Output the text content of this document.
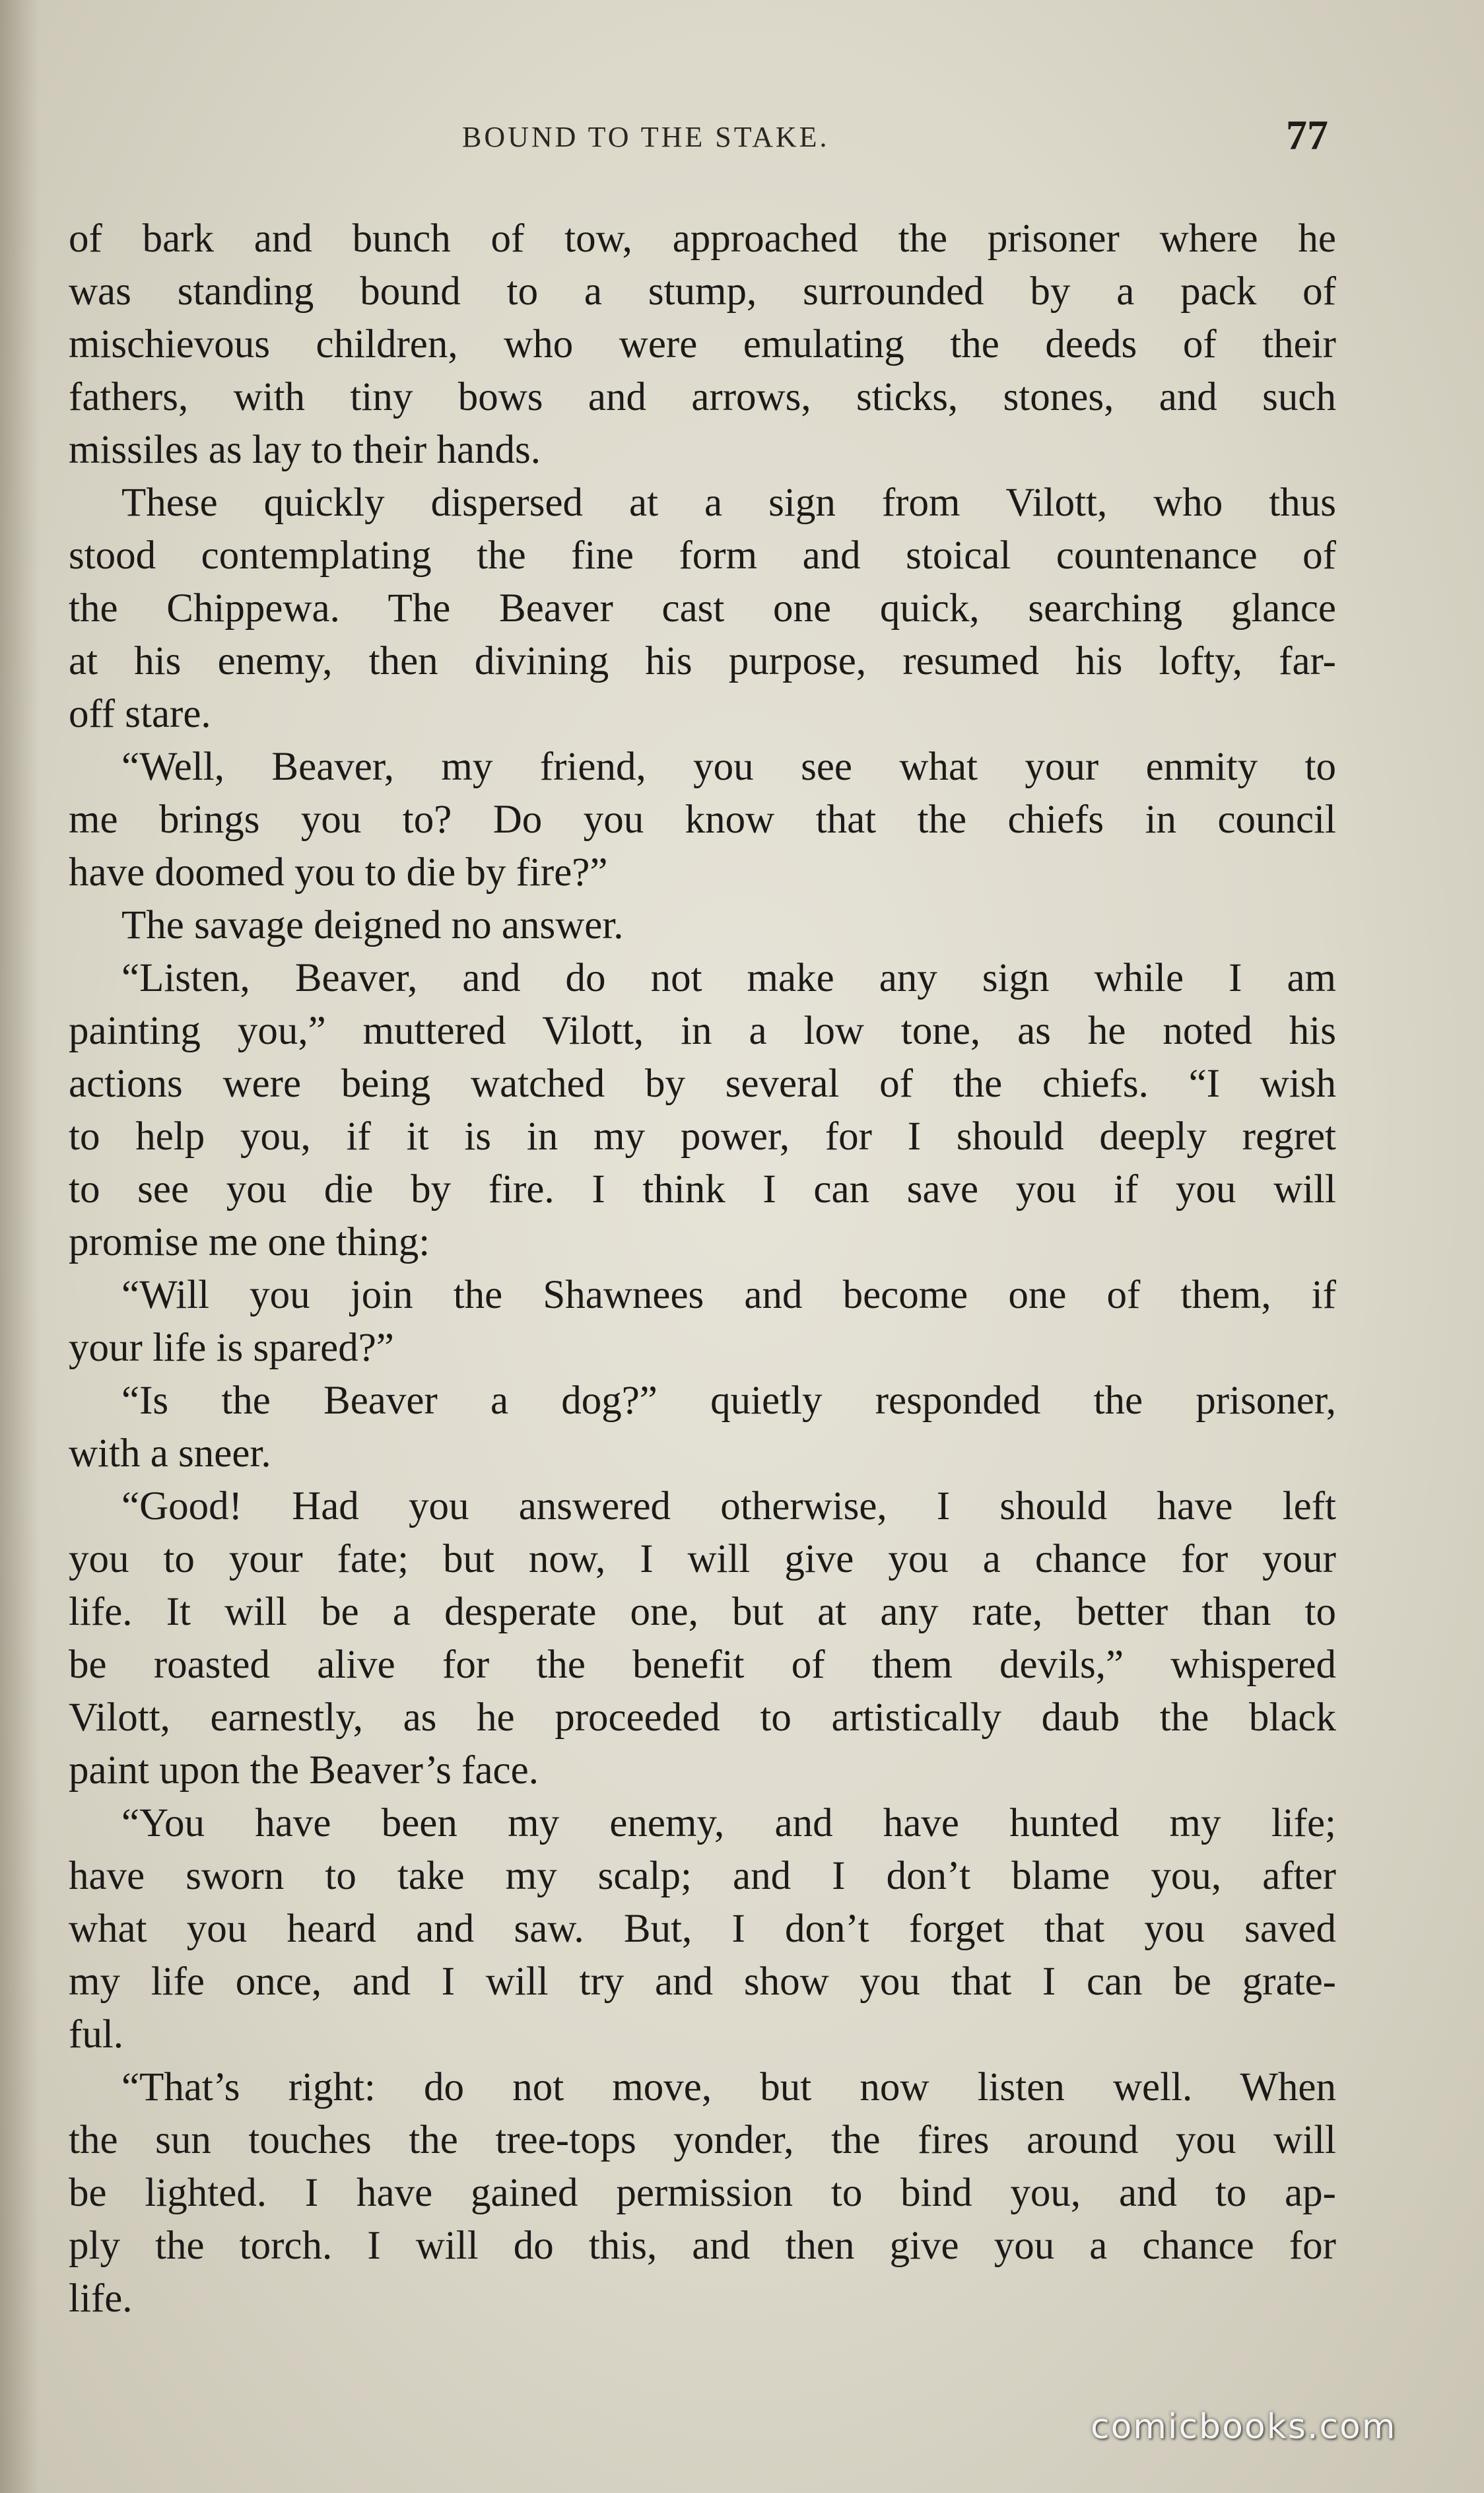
BOUND TO THE STAKE.	77
of bark and bunch of tow, approached the prisoner where he
was standing bound to a stump, surrounded by a pack of
mischievous children, who were emulating the deeds of their
fathers, with tiny bows and arrows, sticks, stones, and such
missiles as lay to their hands.
These quickly dispersed at a sign from Vilott, who thus
stood contemplating the fine form and stoical countenance of
the Chippewa. The Beaver cast one quick, searching glance
at his enemy, then divining his purpose, resumed his lofty, far-
off stare.
“Well, Beaver, my friend, you see what your enmity to
me brings you to? Do you know that the chiefs in council
have doomed you to die by fire?”
The savage deigned no answer.
“Listen, Beaver, and do not make any sign while I am
painting you,” muttered Vilott, in a low tone, as he noted his
actions were being watched by several of the chiefs. “I wish
to help you, if it is in my power, for I should deeply regret
to see you die by fire. I think I can save you if you will
promise me one thing:
“Will you join the Shawnees and become one of them, if
your life is spared?”
“Is the Beaver a dog?” quietly responded the prisoner,
with a sneer.
“Good! Had you answered otherwise, I should have left
you to your fate; but now, I will give you a chance for your
life. It will be a desperate one, but at any rate, better than to
be roasted alive for the benefit of them devils,” whispered
Vilott, earnestly, as he proceeded to artistically daub the black
paint upon the Beaver’s face.
“You have been my enemy, and have hunted my life;
have sworn to take my scalp; and I don’t blame you, after
what you heard and saw. But, I don’t forget that you saved
my life once, and I will try and show you that I can be grate-
ful.
“That’s right: do not move, but now listen well. When
the sun touches the tree-tops yonder, the fires around you will
be lighted. I have gained permission to bind you, and to ap-
ply the torch. I will do this, and then give you a chance for
life.
comicbooks.com
